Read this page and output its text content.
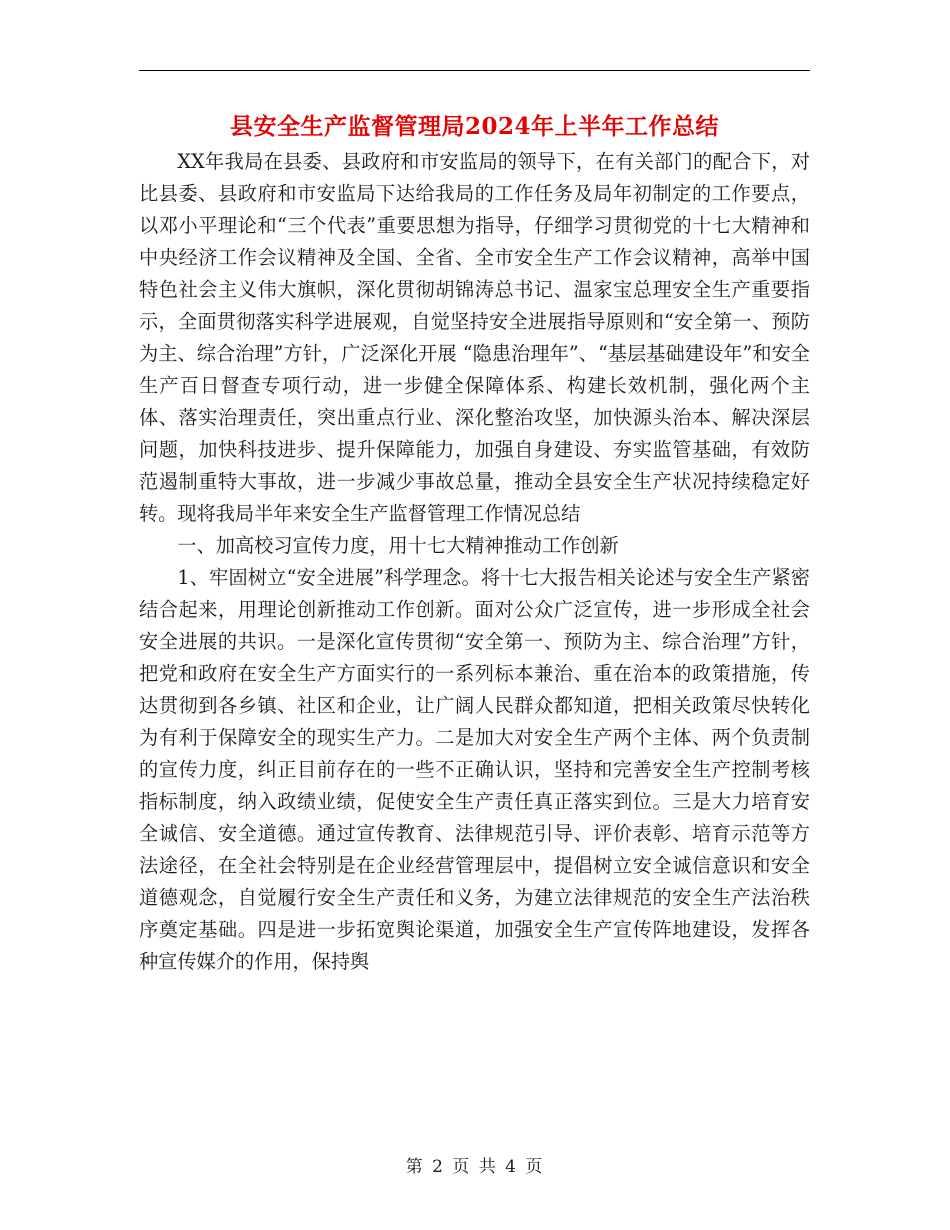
县安全生产监督管理局2024年上半年工作总结

XX年我局在县委、县政府和市安监局的领导下，在有关部门的配合下，对比县委、县政府和市安监局下达给我局的工作任务及局年初制定的工作要点，以邓小平理论和“三个代表”重要思想为指导，仔细学习贯彻党的十七大精神和中央经济工作会议精神及全国、全省、全市安全生产工作会议精神，高举中国特色社会主义伟大旗帜，深化贯彻胡锦涛总书记、温家宝总理安全生产重要指示，全面贯彻落实科学进展观，自觉坚持安全进展指导原则和“安全第一、预防为主、综合治理”方针，广泛深化开展 “隐患治理年”、“基层基础建设年”和安全生产百日督查专项行动，进一步健全保障体系、构建长效机制，强化两个主体、落实治理责任，突出重点行业、深化整治攻坚，加快源头治本、解决深层问题，加快科技进步、提升保障能力，加强自身建设、夯实监管基础，有效防范遏制重特大事故，进一步减少事故总量，推动全县安全生产状况持续稳定好转。现将我局半年来安全生产监督管理工作情况总结

一、加高校习宣传力度，用十七大精神推动工作创新

1、牢固树立“安全进展”科学理念。将十七大报告相关论述与安全生产紧密结合起来，用理论创新推动工作创新。面对公众广泛宣传，进一步形成全社会安全进展的共识。一是深化宣传贯彻“安全第一、预防为主、综合治理”方针，把党和政府在安全生产方面实行的一系列标本兼治、重在治本的政策措施，传达贯彻到各乡镇、社区和企业，让广阔人民群众都知道，把相关政策尽快转化为有利于保障安全的现实生产力。二是加大对安全生产两个主体、两个负责制的宣传力度，纠正目前存在的一些不正确认识，坚持和完善安全生产控制考核指标制度，纳入政绩业绩，促使安全生产责任真正落实到位。三是大力培育安全诚信、安全道德。通过宣传教育、法律规范引导、评价表彰、培育示范等方法途径，在全社会特别是在企业经营管理层中，提倡树立安全诚信意识和安全道德观念，自觉履行安全生产责任和义务，为建立法律规范的安全生产法治秩序奠定基础。四是进一步拓宽舆论渠道，加强安全生产宣传阵地建设，发挥各种宣传媒介的作用，保持舆

第 2 页 共 4 页
